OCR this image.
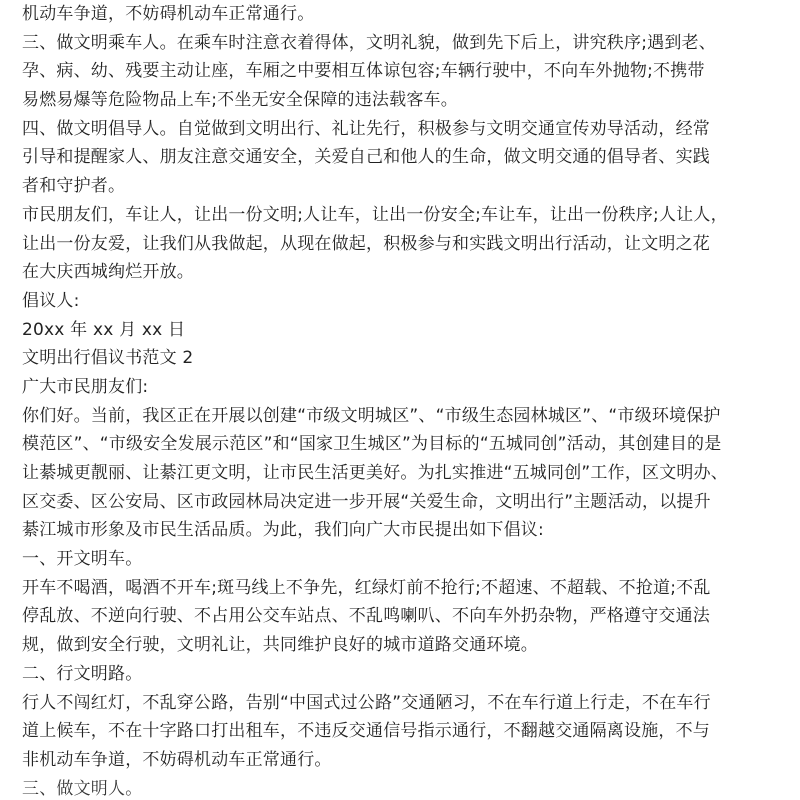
机动车争道，不妨碍机动车正常通行。
三、做文明乘车人。在乘车时注意衣着得体，文明礼貌，做到先下后上，讲究秩序;遇到老、
孕、病、幼、残要主动让座，车厢之中要相互体谅包容;车辆行驶中，不向车外抛物;不携带
易燃易爆等危险物品上车;不坐无安全保障的违法载客车。
四、做文明倡导人。自觉做到文明出行、礼让先行，积极参与文明交通宣传劝导活动，经常
引导和提醒家人、朋友注意交通安全，关爱自己和他人的生命，做文明交通的倡导者、实践
者和守护者。
市民朋友们，车让人，让出一份文明;人让车，让出一份安全;车让车，让出一份秩序;人让人，
让出一份友爱，让我们从我做起，从现在做起，积极参与和实践文明出行活动，让文明之花
在大庆西城绚烂开放。
倡议人:
20xx 年 xx 月 xx 日
文明出行倡议书范文 2
广大市民朋友们:
你们好。当前，我区正在开展以创建“市级文明城区”、“市级生态园林城区”、“市级环境保护
模范区”、“市级安全发展示范区”和“国家卫生城区”为目标的“五城同创”活动，其创建目的是
让綦城更靓丽、让綦江更文明，让市民生活更美好。为扎实推进“五城同创”工作，区文明办、
区交委、区公安局、区市政园林局决定进一步开展“关爱生命，文明出行”主题活动，以提升
綦江城市形象及市民生活品质。为此，我们向广大市民提出如下倡议:
一、开文明车。
开车不喝酒，喝酒不开车;斑马线上不争先，红绿灯前不抢行;不超速、不超载、不抢道;不乱
停乱放、不逆向行驶、不占用公交车站点、不乱鸣喇叭、不向车外扔杂物，严格遵守交通法
规，做到安全行驶，文明礼让，共同维护良好的城市道路交通环境。
二、行文明路。
行人不闯红灯，不乱穿公路，告别“中国式过公路”交通陋习，不在车行道上行走，不在车行
道上候车，不在十字路口打出租车，不违反交通信号指示通行，不翻越交通隔离设施，不与
非机动车争道，不妨碍机动车正常通行。
三、做文明人。
